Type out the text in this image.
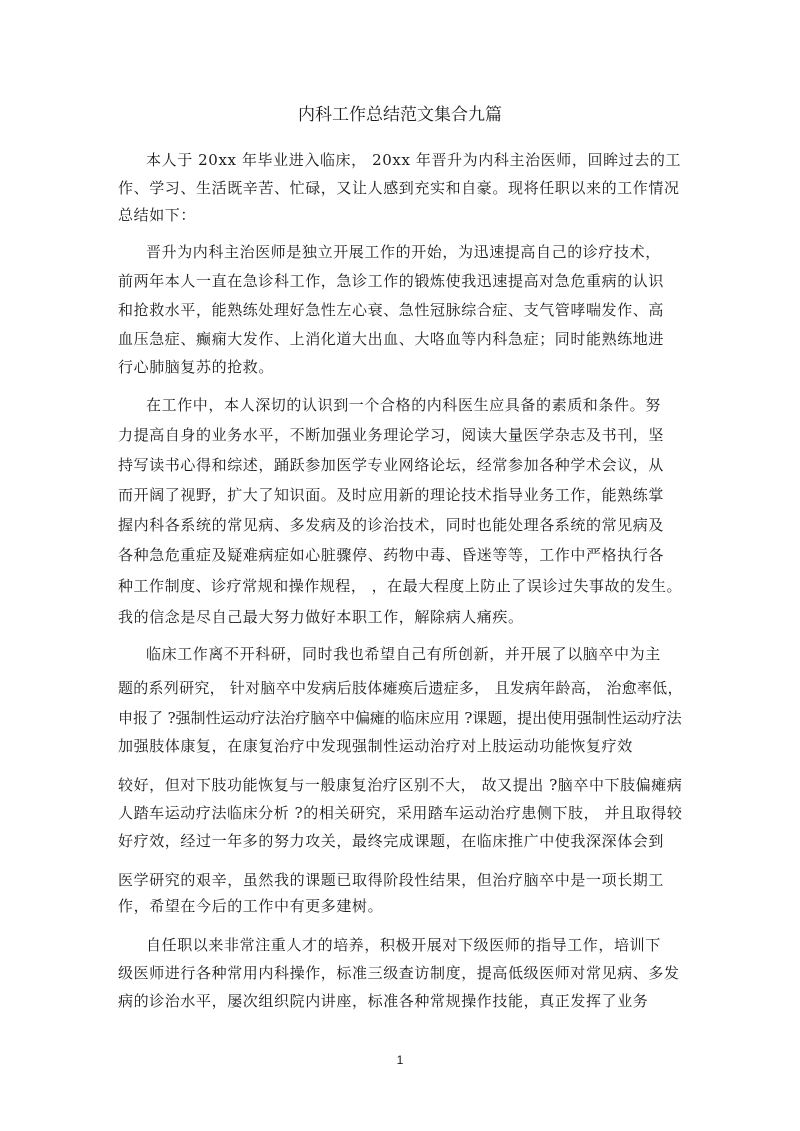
内科工作总结范文集合九篇
本人于 20xx 年毕业进入临床， 20xx 年晋升为内科主治医师，回眸过去的工
作、学习、生活既辛苦、忙碌，又让人感到充实和自豪。现将任职以来的工作情况
总结如下：
晋升为内科主治医师是独立开展工作的开始，为迅速提高自己的诊疗技术，
前两年本人一直在急诊科工作，急诊工作的锻炼使我迅速提高对急危重病的认识
和抢救水平，能熟练处理好急性左心衰、急性冠脉综合症、支气管哮喘发作、高
血压急症、癫痫大发作、上消化道大出血、大咯血等内科急症；同时能熟练地进
行心肺脑复苏的抢救。
在工作中，本人深切的认识到一个合格的内科医生应具备的素质和条件。努
力提高自身的业务水平，不断加强业务理论学习，阅读大量医学杂志及书刊，坚
持写读书心得和综述，踊跃参加医学专业网络论坛，经常参加各种学术会议，从
而开阔了视野，扩大了知识面。及时应用新的理论技术指导业务工作，能熟练掌
握内科各系统的常见病、多发病及的诊治技术，同时也能处理各系统的常见病及
各种急危重症及疑难病症如心脏骤停、药物中毒、昏迷等等，工作中严格执行各
种工作制度、诊疗常规和操作规程， ，在最大程度上防止了误诊过失事故的发生。
我的信念是尽自己最大努力做好本职工作，解除病人痛疾。
临床工作离不开科研，同时我也希望自己有所创新，并开展了以脑卒中为主
题的系列研究， 针对脑卒中发病后肢体瘫痪后遗症多， 且发病年龄高， 治愈率低，
申报了 ?强制性运动疗法治疗脑卒中偏瘫的临床应用 ?课题，提出使用强制性运动疗法
加强肢体康复，在康复治疗中发现强制性运动治疗对上肢运动功能恢复疗效
较好，但对下肢功能恢复与一般康复治疗区别不大， 故又提出 ?脑卒中下肢偏瘫病
人踏车运动疗法临床分析 ?的相关研究，采用踏车运动治疗患侧下肢， 并且取得较
好疗效，经过一年多的努力攻关，最终完成课题，在临床推广中使我深深体会到
医学研究的艰辛，虽然我的课题已取得阶段性结果，但治疗脑卒中是一项长期工
作，希望在今后的工作中有更多建树。
自任职以来非常注重人才的培养，积极开展对下级医师的指导工作，培训下
级医师进行各种常用内科操作，标准三级查访制度，提高低级医师对常见病、多发
病的诊治水平，屡次组织院内讲座，标准各种常规操作技能，真正发挥了业务
1
